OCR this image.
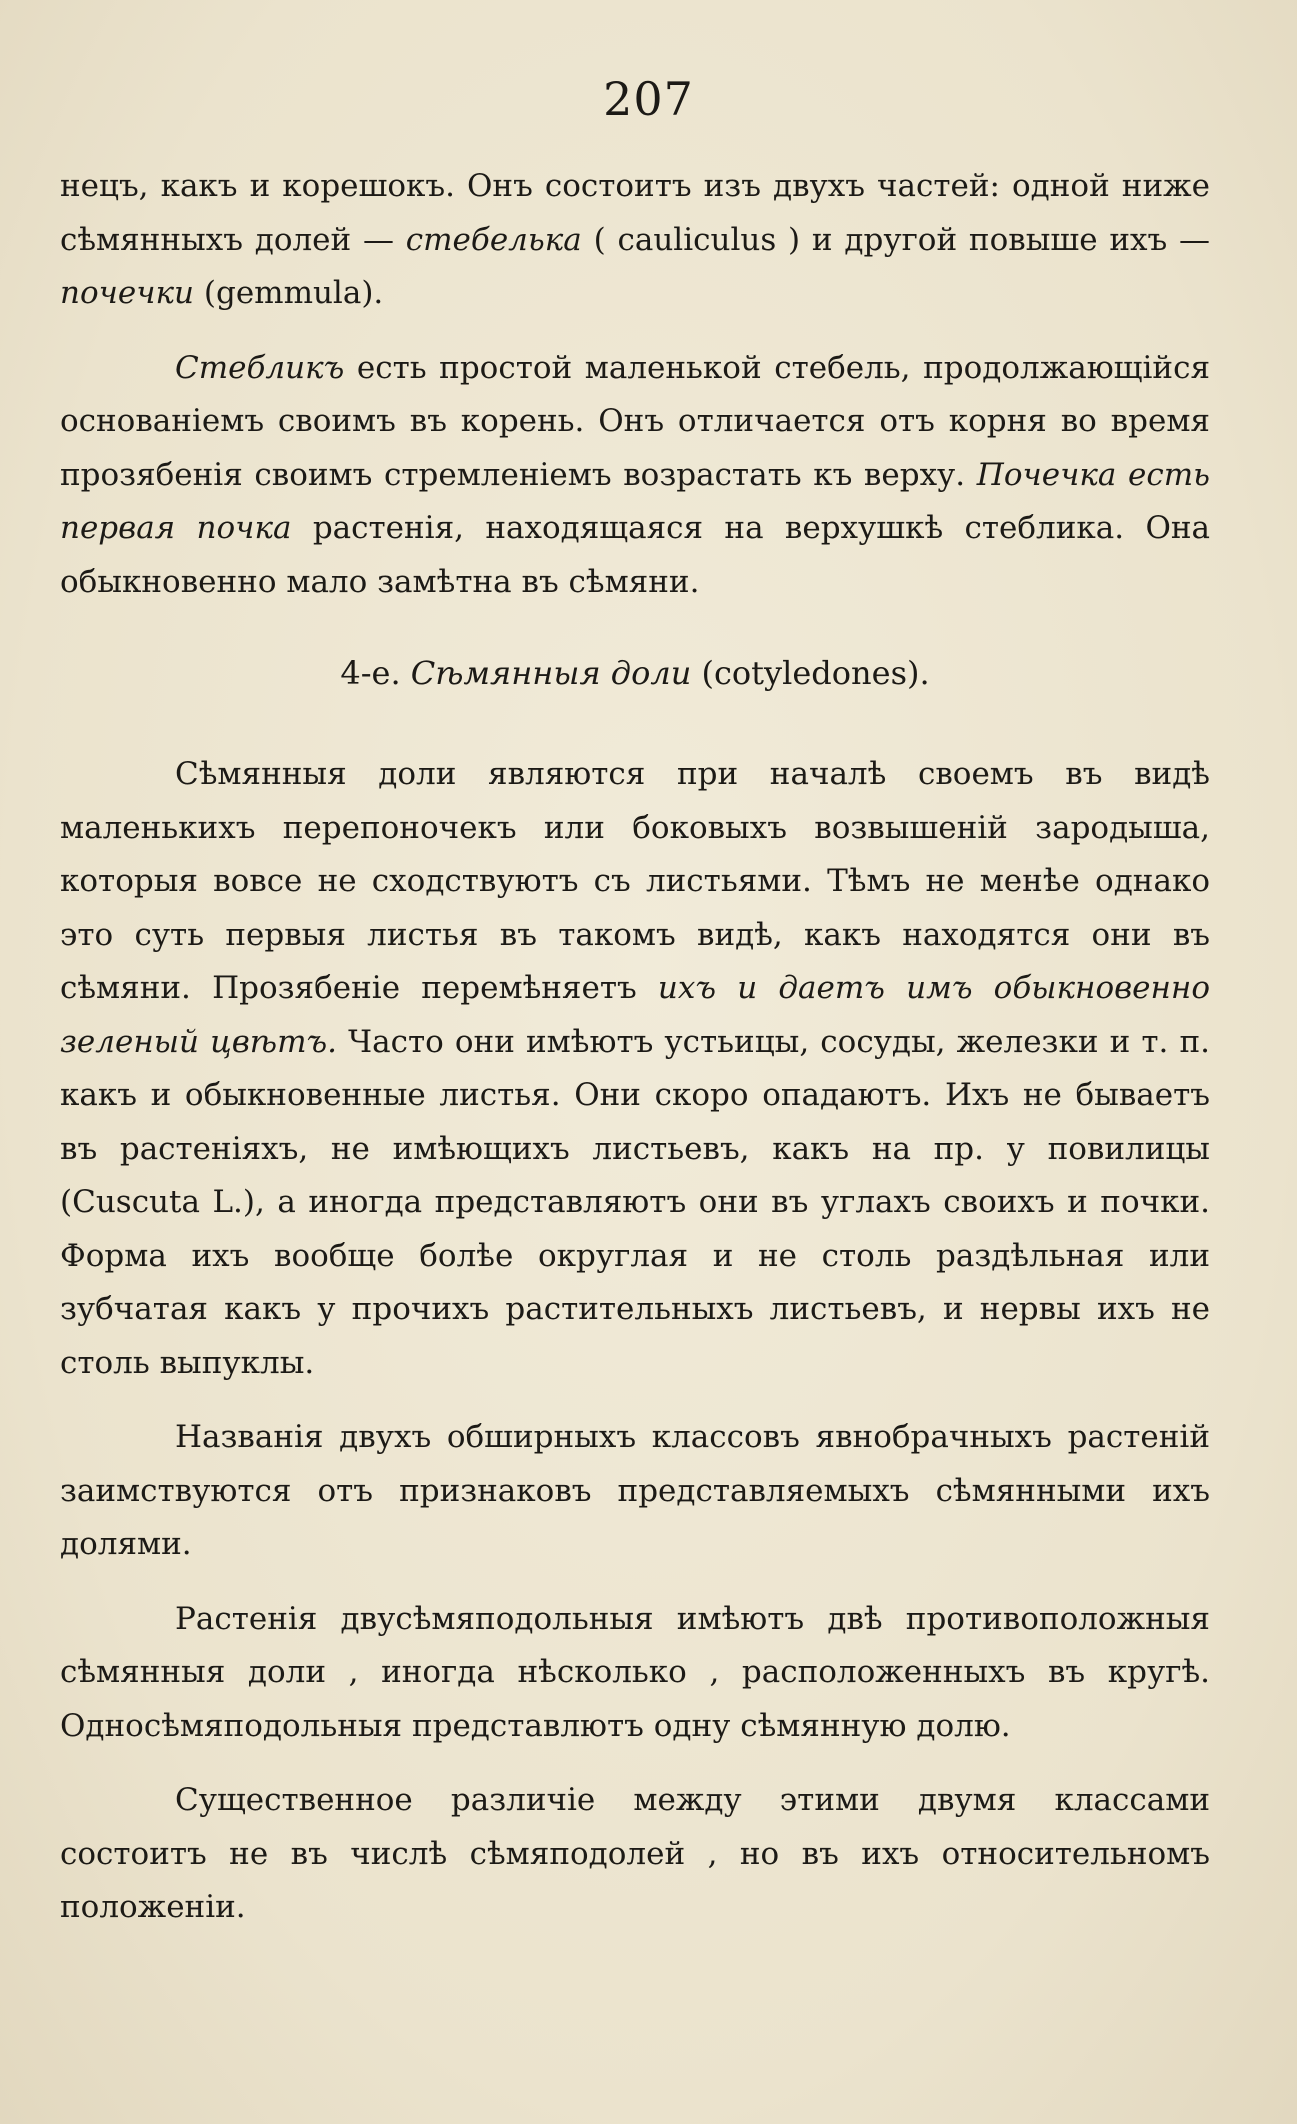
207

нецъ, какъ и корешокъ. Онъ состоитъ изъ двухъ частей: одной ниже сѣмянныхъ долей — стебелька ( cauliculus ) и другой повыше ихъ — почечки (gemmula).

Стебликъ есть простой маленькой стебель, продолжающійся основаніемъ своимъ въ корень. Онъ отличается отъ корня во время прозябенія своимъ стремленіемъ возрастать къ верху. Почечка есть первая почка растенія, находящаяся на верхушкѣ стеблика. Она обыкновенно мало замѣтна въ сѣмяни.

4-е. Сѣмянныя доли (cotyledones).

Сѣмянныя доли являются при началѣ своемъ въ видѣ маленькихъ перепоночекъ или боковыхъ возвышеній зародыша, которыя вовсе не сходствуютъ съ листьями. Тѣмъ не менѣе однако это суть первыя листья въ такомъ видѣ, какъ находятся они въ сѣмяни. Прозябеніе перемѣняетъ ихъ и даетъ имъ обыкновенно зеленый цвѣтъ. Часто они имѣютъ устьицы, сосуды, железки и т. п. какъ и обыкновенные листья. Они скоро опадаютъ. Ихъ не бываетъ въ растеніяхъ, не имѣющихъ листьевъ, какъ на пр. у повилицы (Cuscuta L.), а иногда представляютъ они въ углахъ своихъ и почки. Форма ихъ вообще болѣе округлая и не столь раздѣльная или зубчатая какъ у прочихъ растительныхъ листьевъ, и нервы ихъ не столь выпуклы.

Названія двухъ обширныхъ классовъ явнобрачныхъ растеній заимствуются отъ признаковъ представляемыхъ сѣмянными ихъ долями.

Растенія двусѣмяподольныя имѣютъ двѣ противоположныя сѣмянныя доли , иногда нѣсколько , расположенныхъ въ кругѣ. Односѣмяподольныя представлютъ одну сѣмянную долю.

Существенное различіе между этими двумя классами состоитъ не въ числѣ сѣмяподолей , но въ ихъ относительномъ положеніи.
